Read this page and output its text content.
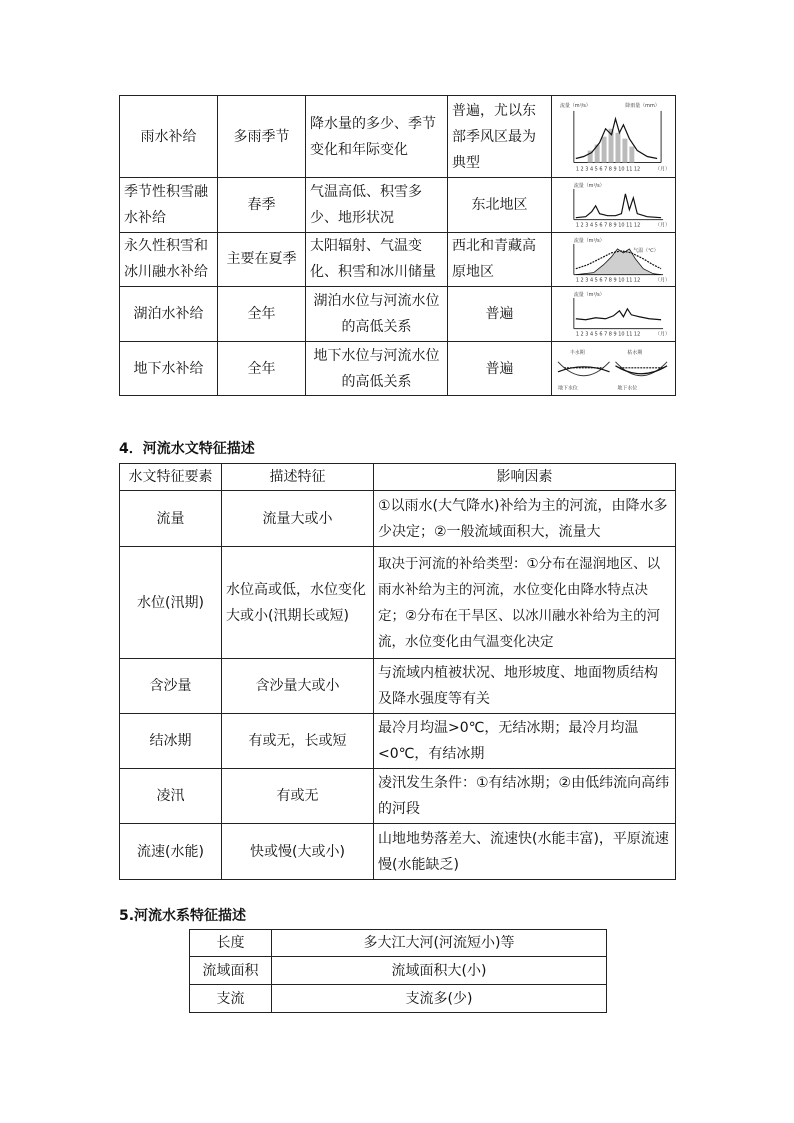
雨水补给	多雨季节	降水量的多少、季节变化和年际变化	普遍，尤以东部季风区最为典型	流量（m³/s） 降雨量（mm）
1 2 3 4 5 6 7 8 9 10 11 12 （月）

季节性积雪融水补给	春季	气温高低、积雪多少、地形状况	东北地区	流量（m³/s）
1 2 3 4 5 6 7 8 9 10 11 12 （月）

永久性积雪和冰川融水补给	主要在夏季	太阳辐射、气温变化、积雪和冰川储量	西北和青藏高原地区	流量（m³/s）
气温（℃）
1 2 3 4 5 6 7 8 9 10 11 12 （月）

湖泊水补给	全年	湖泊水位与河流水位的高低关系	普遍	流量（m³/s）
1 2 3 4 5 6 7 8 9 10 11 12 （月）

地下水补给	全年	地下水位与河流水位的高低关系	普遍	丰水期 枯水期
地下水位 地下水位
4．河流水文特征描述
水文特征要素	描述特征	影响因素
流量	流量大或小	①以雨水(大气降水)补给为主的河流，由降水多少决定；②一般流域面积大，流量大
水位(汛期)	水位高或低，水位变化大或小(汛期长或短)	取决于河流的补给类型：①分布在湿润地区、以雨水补给为主的河流，水位变化由降水特点决定；②分布在干旱区、以冰川融水补给为主的河流，水位变化由气温变化决定
含沙量	含沙量大或小	与流域内植被状况、地形坡度、地面物质结构及降水强度等有关
结冰期	有或无，长或短	最冷月均温>0℃，无结冰期；最冷月均温<0℃，有结冰期
凌汛	有或无	凌汛发生条件：①有结冰期；②由低纬流向高纬的河段
流速(水能)	快或慢(大或小)	山地地势落差大、流速快(水能丰富)，平原流速慢(水能缺乏)
5.河流水系特征描述
长度	多大江大河(河流短小)等
流域面积	流域面积大(小)
支流	支流多(少)
